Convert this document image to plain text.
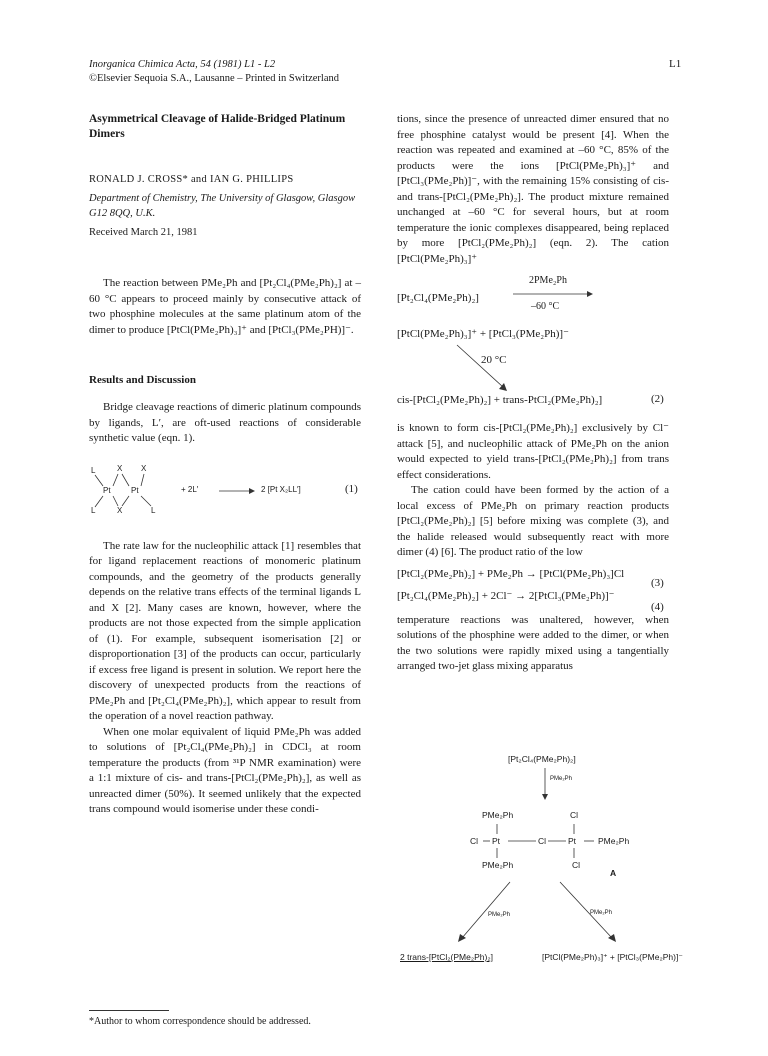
Inorganica Chimica Acta, 54 (1981) L1 - L2
©Elsevier Sequoia S.A., Lausanne – Printed in Switzerland
L1
Asymmetrical Cleavage of Halide-Bridged Platinum Dimers
RONALD J. CROSS* and IAN G. PHILLIPS
Department of Chemistry, The University of Glasgow, Glasgow G12 8QQ, U.K.
Received March 21, 1981

The reaction between PMe₂Ph and [Pt₂Cl₄(PMe₂Ph)₂] at –60 °C appears to proceed mainly by consecutive attack of two phosphine molecules at the same platinum atom of the dimer to produce [PtCl(PMe₂Ph)₃]⁺ and [PtCl₃(PMe₂PH)]⁻.

Results and Discussion

Bridge cleavage reactions of dimeric platinum compounds by ligands, L′, are oft-used reactions of considerable synthetic value (eqn. 1).

L	X X
Pt	Pt
L	X	L
+ 2L′ → 2 [Pt X₂LL′]	(1)

The rate law for the nucleophilic attack [1] resembles that for ligand replacement reactions of monomeric platinum compounds, and the geometry of the products generally depends on the relative trans effects of the terminal ligands L and X [2]. Many cases are known, however, where the products are not those expected from the simple application of (1). For example, subsequent isomerisation [2] or disproportionation [3] of the products can occur, particularly if excess free ligand is present in solution. We report here the discovery of unexpected products from the reactions of PMe₂Ph and [Pt₂Cl₄(PMe₂Ph)₂], which appear to result from the operation of a novel reaction pathway.

When one molar equivalent of liquid PMe₂Ph was added to solutions of [Pt₂Cl₄(PMe₂Ph)₂] in CDCl₃ at room temperature the products (from ³¹P NMR examination) were a 1:1 mixture of cis- and trans-[PtCl₂(PMe₂Ph)₂], as well as unreacted dimer (50%). It seemed unlikely that the expected trans compound would isomerise under these condi-

*Author to whom correspondence should be addressed.

tions, since the presence of unreacted dimer ensured that no free phosphine catalyst would be present [4]. When the reaction was repeated and examined at –60 °C, 85% of the products were the ions [PtCl(PMe₂Ph)₃]⁺ and [PtCl₃(PMe₂Ph)]⁻, with the remaining 15% consisting of cis- and trans-[PtCl₂(PMe₂Ph)₂]. The product mixture remained unchanged at –60 °C for several hours, but at room temperature the ionic complexes disappeared, being replaced by more [PtCl₂(PMe₂Ph)₂] (eqn. 2). The cation [PtCl(PMe₂Ph)₃]⁺

[Pt₂Cl₄(PMe₂Ph)₂]
2PMe₂Ph
–60 °C
[PtCl(PMe₂Ph)₃]⁺ + [PtCl₃(PMe₂Ph)]⁻
20 °C
cis-[PtCl₂(PMe₂Ph)₂] + trans-PtCl₂(PMe₂Ph)₂]	(2)

is known to form cis-[PtCl₂(PMe₂Ph)₂] exclusively by Cl⁻ attack [5], and nucleophilic attack of PMe₂Ph on the anion would expected to yield trans-[PtCl₂(PMe₂Ph)₂] from trans effect considerations.

The cation could have been formed by the action of a local excess of PMe₂Ph on primary reaction products [PtCl₂(PMe₂Ph)₂] [5] before mixing was complete (3), and the halide released would subsequently react with more dimer (4) [6]. The product ratio of the low

[PtCl₂(PMe₂Ph)₂] + PMe₂Ph → [PtCl(PMe₂Ph)₃]Cl
(3)
[Pt₂Cl₄(PMe₂Ph)₂] + 2Cl⁻ → 2[PtCl₃(PMe₂Ph)]⁻
(4)

temperature reactions was unaltered, however, when solutions of the phosphine were added to the dimer, or when the two solutions were rapidly mixed using a tangentially arranged two-jet glass mixing apparatus

[Pt₂Cl₄(PMe₂Ph)₂]
PMe₂Ph
PMe₂Ph	Cl
Cl Pt	Cl	Pt	PMe₂Ph
PMe₂Ph	Cl
A
PMe₂Ph	PMe₂Ph
2 trans-[PtCl₂(PMe₂Ph)₂]	[PtCl(PMe₂Ph)₃]⁺ + [PtCl₃(PMe₂Ph)]⁻
